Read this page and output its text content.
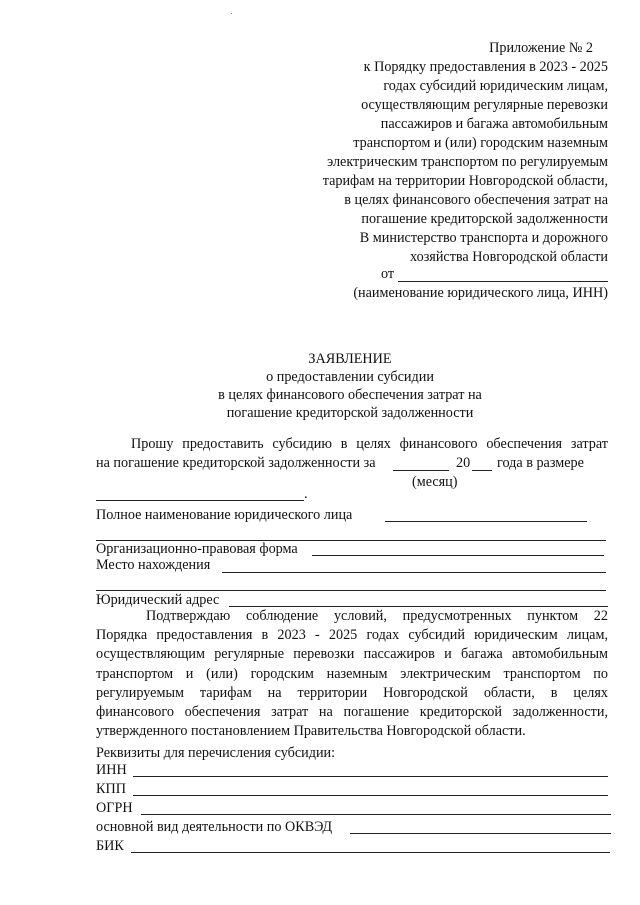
Приложение № 2
к Порядку предоставления в 2023 - 2025
годах субсидий юридическим лицам,
осуществляющим регулярные перевозки
пассажиров и багажа автомобильным
транспортом и (или) городским наземным
электрическим транспортом по регулируемым
тарифам на территории Новгородской области,
в целях финансового обеспечения затрат на
погашение кредиторской задолженности
В министерство транспорта и дорожного
хозяйства Новгородской области
от
(наименование юридического лица, ИНН)
ЗАЯВЛЕНИЕ
о предоставлении субсидии
в целях финансового обеспечения затрат на
погашение кредиторской задолженности
Прошу предоставить субсидию в целях финансового обеспечения затрат
на погашение кредиторской задолженности за	20 года в размере
(месяц)
.
Полное наименование юридического лица
Организационно-правовая форма
Место нахождения
Юридический адрес
Подтверждаю соблюдение условий, предусмотренных пунктом 22
Порядка предоставления в 2023 - 2025 годах субсидий юридическим лицам,
осуществляющим регулярные перевозки пассажиров и багажа автомобильным
транспортом и (или) городским наземным электрическим транспортом по
регулируемым тарифам на территории Новгородской области, в целях
финансового обеспечения затрат на погашение кредиторской задолженности,
утвержденного постановлением Правительства Новгородской области.
Реквизиты для перечисления субсидии:
ИНН
КПП
ОГРН
основной вид деятельности по ОКВЭД
БИК
